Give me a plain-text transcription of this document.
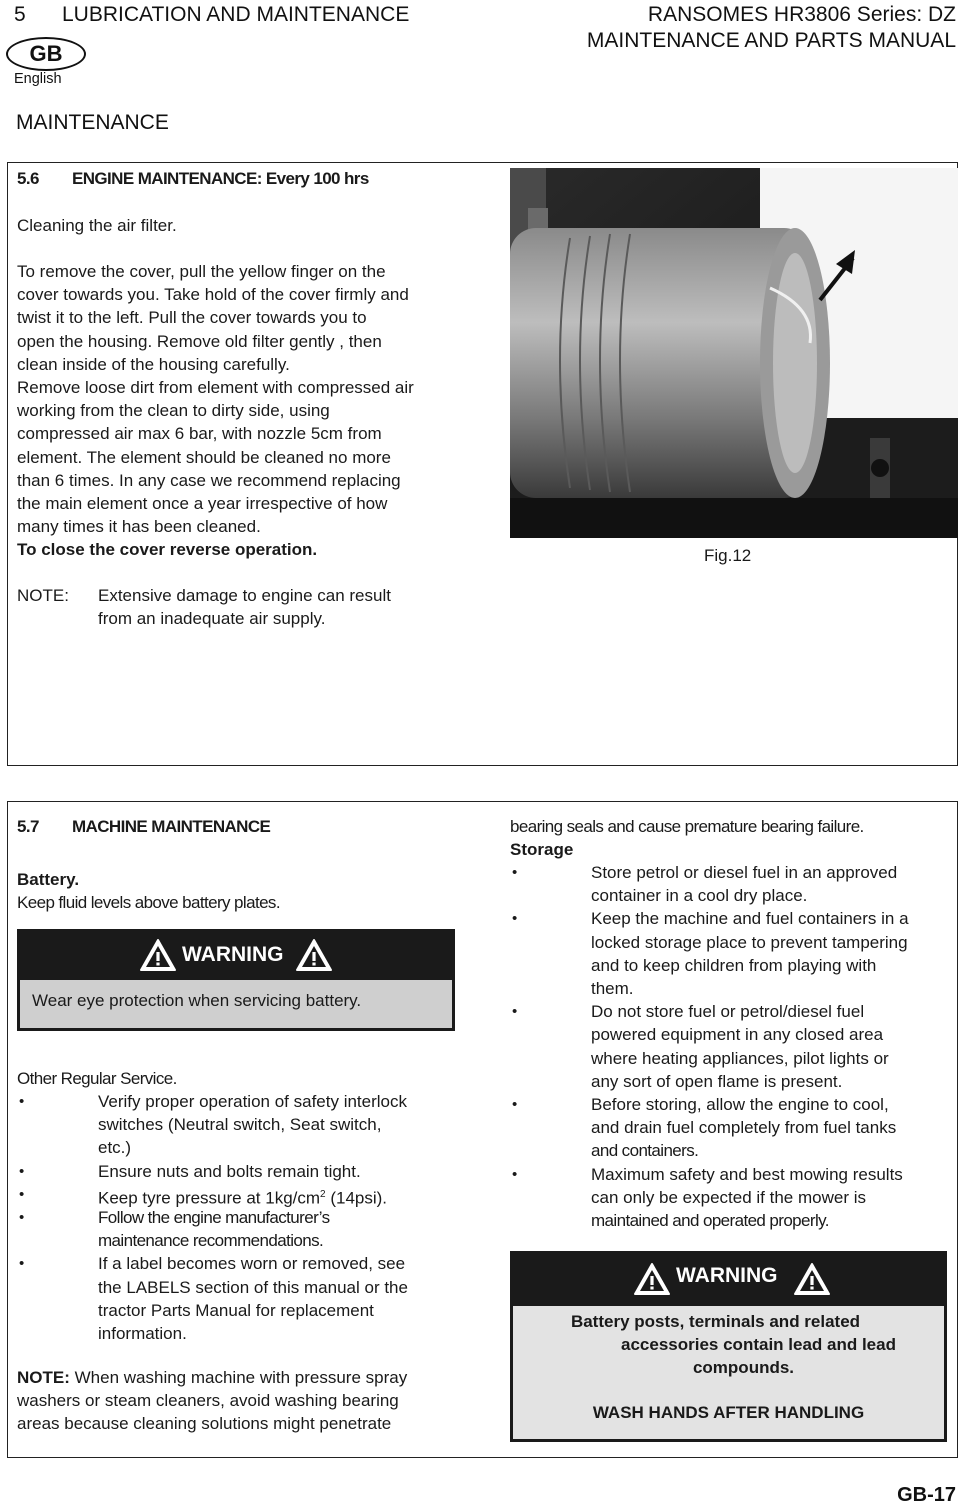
5 LUBRICATION AND MAINTENANCE	RANSOMES HR3806 Series: DZ
MAINTENANCE AND PARTS MANUAL
GB
English
MAINTENANCE
5.6 ENGINE MAINTENANCE: Every 100 hrs
Cleaning the air filter.
To remove the cover, pull the yellow finger on the
cover towards you. Take hold of the cover firmly and
twist it to the left. Pull the cover towards you to
open the housing. Remove old filter gently , then
clean inside of the housing carefully.
Remove loose dirt from element with compressed air
working from the clean to dirty side, using
compressed air max 6 bar, with nozzle 5cm from
element. The element should be cleaned no more
than 6 times. In any case we recommend replacing
the main element once a year irrespective of how
many times it has been cleaned.
To close the cover reverse operation.	Fig.12
NOTE: Extensive damage to engine can result
from an inadequate air supply.
5.7 MACHINE MAINTENANCE
Battery.
Keep fluid levels above battery plates.
WARNING
Wear eye protection when servicing battery.
Other Regular Service.
•	Verify proper operation of safety interlock
switches (Neutral switch, Seat switch,
etc.)
•	Ensure nuts and bolts remain tight.
•	Keep tyre pressure at $1kg/cm^2$ (14psi).
•	Follow the engine manufacturer’s
maintenance recommendations.
•	If a label becomes worn or removed, see
the LABELS section of this manual or the
tractor Parts Manual for replacement
information.
NOTE: When washing machine with pressure spray
washers or steam cleaners, avoid washing bearing
areas because cleaning solutions might penetrate
bearing seals and cause premature bearing failure.
Storage
•	Store petrol or diesel fuel in an approved
container in a cool dry place.
•	Keep the machine and fuel containers in a
locked storage place to prevent tampering
and to keep children from playing with
them.
•	Do not store fuel or petrol/diesel fuel
powered equipment in any closed area
where heating appliances, pilot lights or
any sort of open flame is present.
•	Before storing, allow the engine to cool,
and drain fuel completely from fuel tanks
and containers.
•	Maximum safety and best mowing results
can only be expected if the mower is
maintained and operated properly.
WARNING
Battery posts, terminals and related
accessories contain lead and lead
compounds.
WASH HANDS AFTER HANDLING
GB-17
